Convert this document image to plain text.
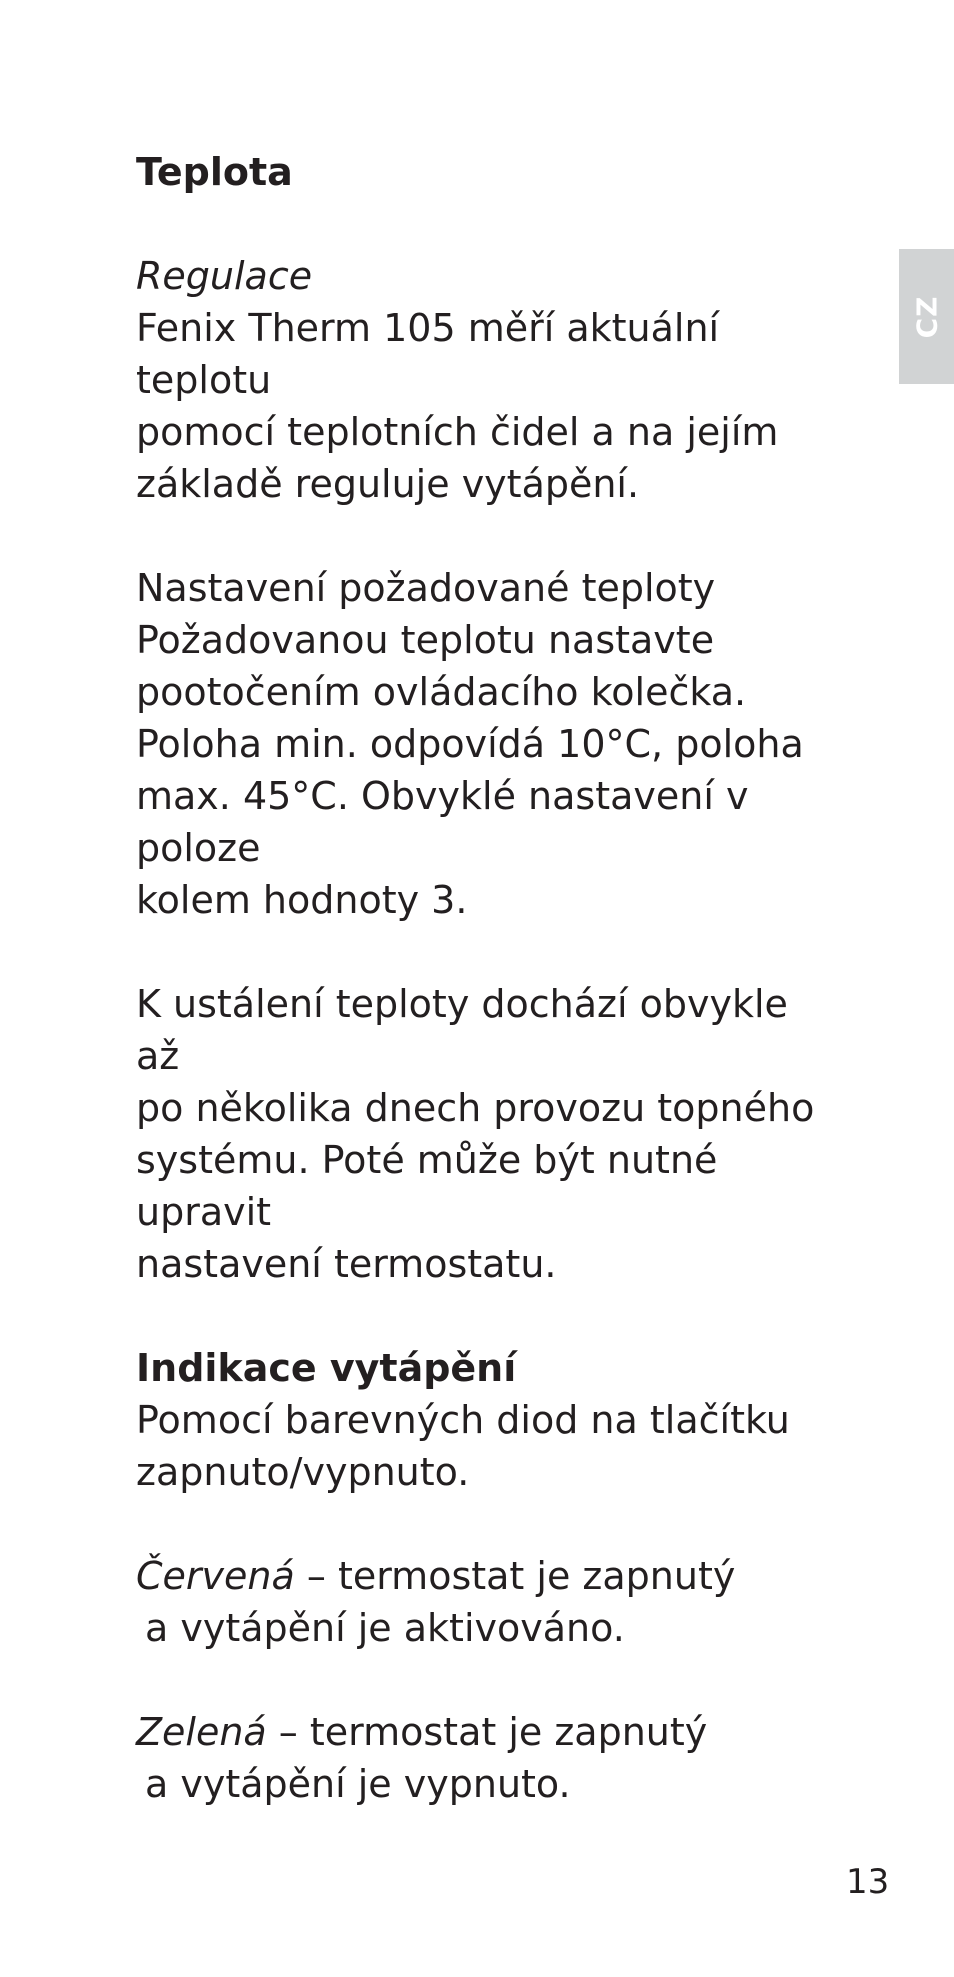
CZ

Teplota

Regulace

Fenix Therm 105 měří aktuální teplotu

pomocí teplotních čidel a na jejím

základě reguluje vytápění.

Nastavení požadované teploty

Požadovanou teplotu nastavte

pootočením ovládacího kolečka.

Poloha min. odpovídá 10°C, poloha

max. 45°C. Obvyklé nastavení v poloze

kolem hodnoty 3.

K ustálení teploty dochází obvykle až

po několika dnech provozu topného

systému. Poté může být nutné upravit

nastavení termostatu.

Indikace vytápění

Pomocí barevných diod na tlačítku

zapnuto/vypnuto.

Červená – termostat je zapnutý

a vytápění je aktivováno.

Zelená – termostat je zapnutý

a vytápění je vypnuto.

13
